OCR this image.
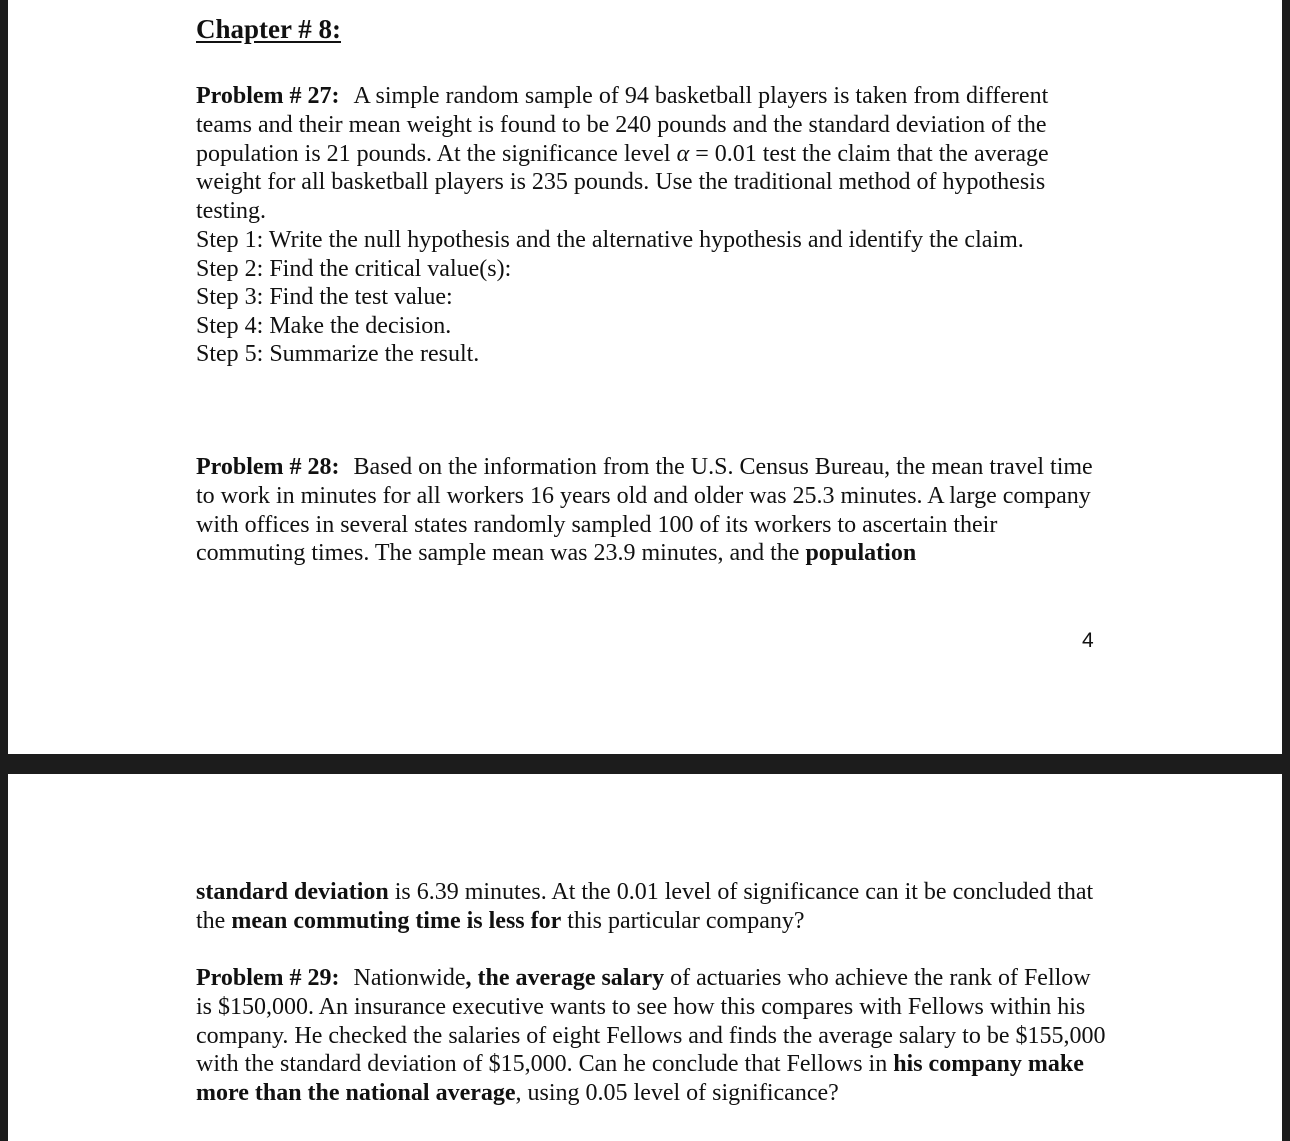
Chapter # 8:
Problem # 27: A simple random sample of 94 basketball players is taken from different teams and their mean weight is found to be 240 pounds and the standard deviation of the population is 21 pounds. At the significance level α = 0.01 test the claim that the average weight for all basketball players is 235 pounds. Use the traditional method of hypothesis testing.
Step 1: Write the null hypothesis and the alternative hypothesis and identify the claim.
Step 2: Find the critical value(s):
Step 3: Find the test value:
Step 4: Make the decision.
Step 5: Summarize the result.
Problem # 28: Based on the information from the U.S. Census Bureau, the mean travel time to work in minutes for all workers 16 years old and older was 25.3 minutes. A large company with offices in several states randomly sampled 100 of its workers to ascertain their commuting times. The sample mean was 23.9 minutes, and the population
4
standard deviation is 6.39 minutes. At the 0.01 level of significance can it be concluded that the mean commuting time is less for this particular company?
Problem # 29: Nationwide, the average salary of actuaries who achieve the rank of Fellow is $150,000. An insurance executive wants to see how this compares with Fellows within his company. He checked the salaries of eight Fellows and finds the average salary to be $155,000 with the standard deviation of $15,000. Can he conclude that Fellows in his company make more than the national average, using 0.05 level of significance?
